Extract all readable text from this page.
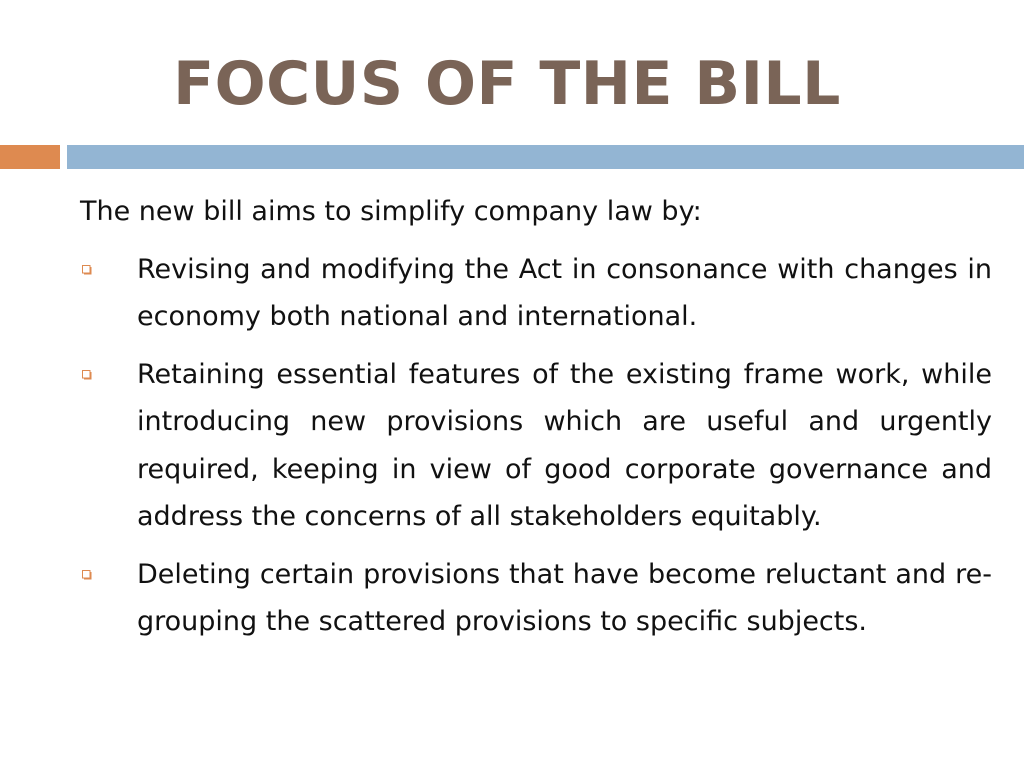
FOCUS OF THE BILL

The new bill aims to simplify company law by:

Revising and modifying the Act in consonance with changes in economy both national and international.
Retaining essential features of the existing frame work, while introducing new provisions which are useful and urgently required, keeping in view of good corporate governance and address the concerns of all stakeholders equitably.
Deleting certain provisions that have become reluctant and re-grouping the scattered provisions to specific subjects.
